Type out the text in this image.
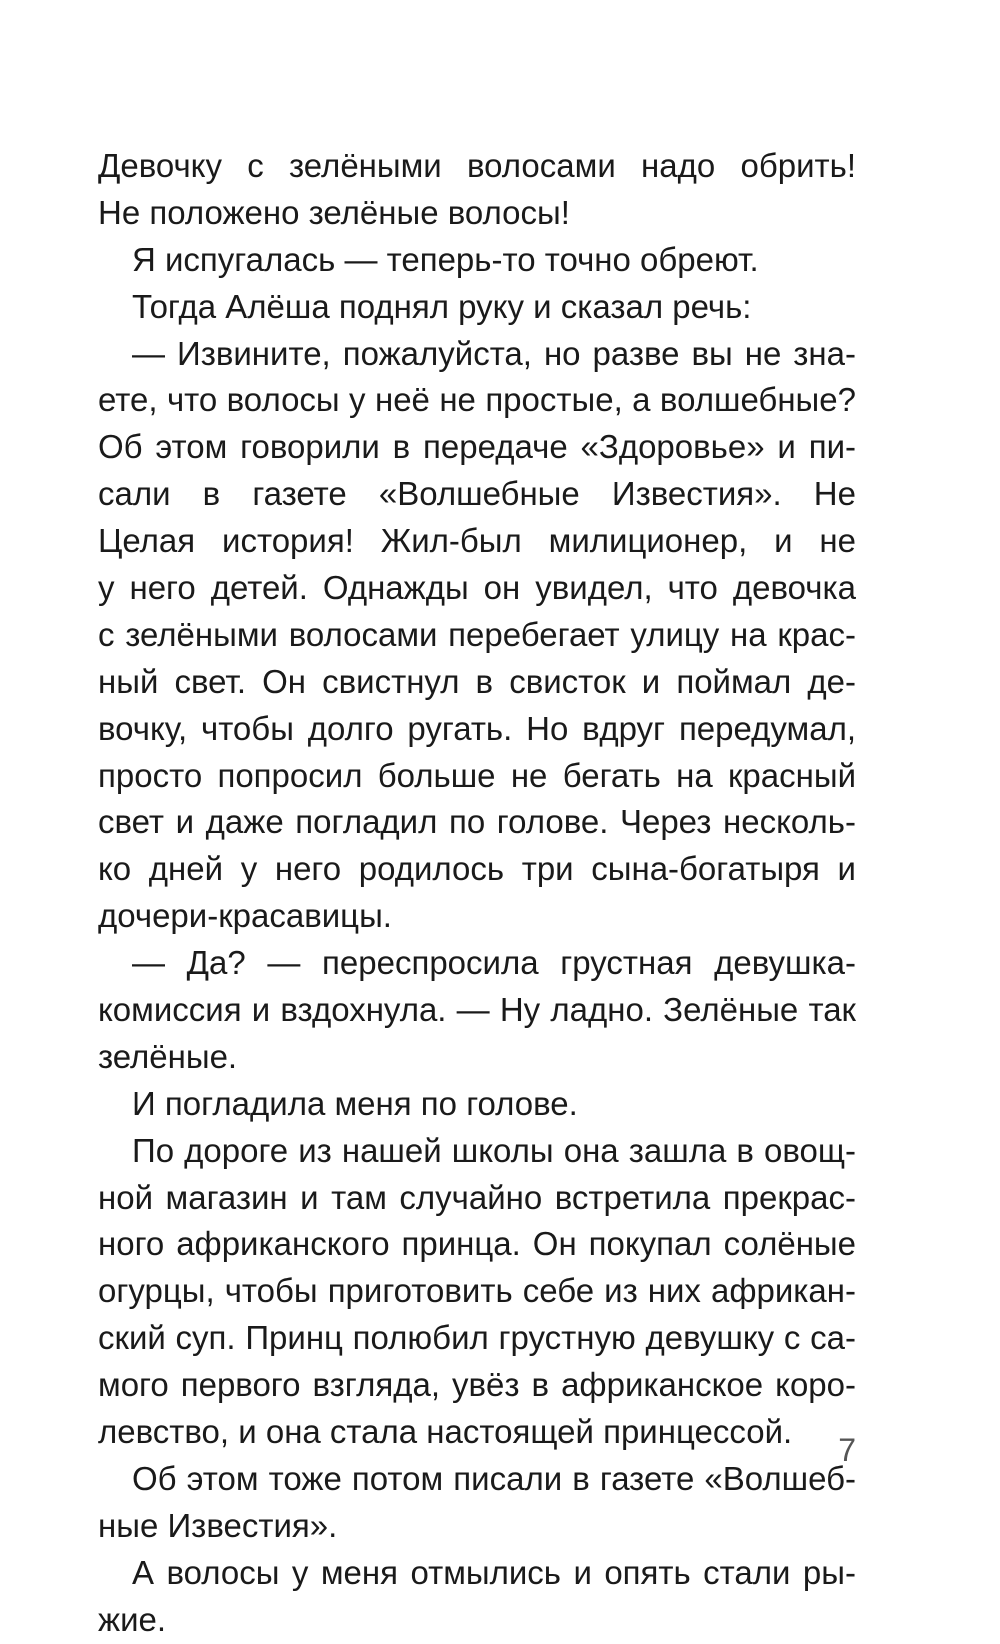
Девочку с зелёными волосами надо обрить!
Не положено зелёные волосы!
Я испугалась — теперь-то точно обреют.
Тогда Алёша поднял руку и сказал речь:
— Извините, пожалуйста, но разве вы не зна-
ете, что волосы у неё не простые, а волшебные?
Об этом говорили в передаче «Здоровье» и пи-
сали в газете «Волшебные Известия». Не
Целая история! Жил-был милиционер, и не
у него детей. Однажды он увидел, что девочка
с зелёными волосами перебегает улицу на крас-
ный свет. Он свистнул в свисток и поймал де-
вочку, чтобы долго ругать. Но вдруг передумал,
просто попросил больше не бегать на красный
свет и даже погладил по голове. Через несколь-
ко дней у него родилось три сына-богатыря и
дочери-красавицы.
— Да? — переспросила грустная девушка-
комиссия и вздохнула. — Ну ладно. Зелёные так
зелёные.
И погладила меня по голове.
По дороге из нашей школы она зашла в овощ-
ной магазин и там случайно встретила прекрас-
ного африканского принца. Он покупал солёные
огурцы, чтобы приготовить себе из них африкан-
ский суп. Принц полюбил грустную девушку с са-
мого первого взгляда, увёз в африканское коро-
левство, и она стала настоящей принцессой.
Об этом тоже потом писали в газете «Волшеб-
ные Известия».
А волосы у меня отмылись и опять стали ры-
жие.
7
